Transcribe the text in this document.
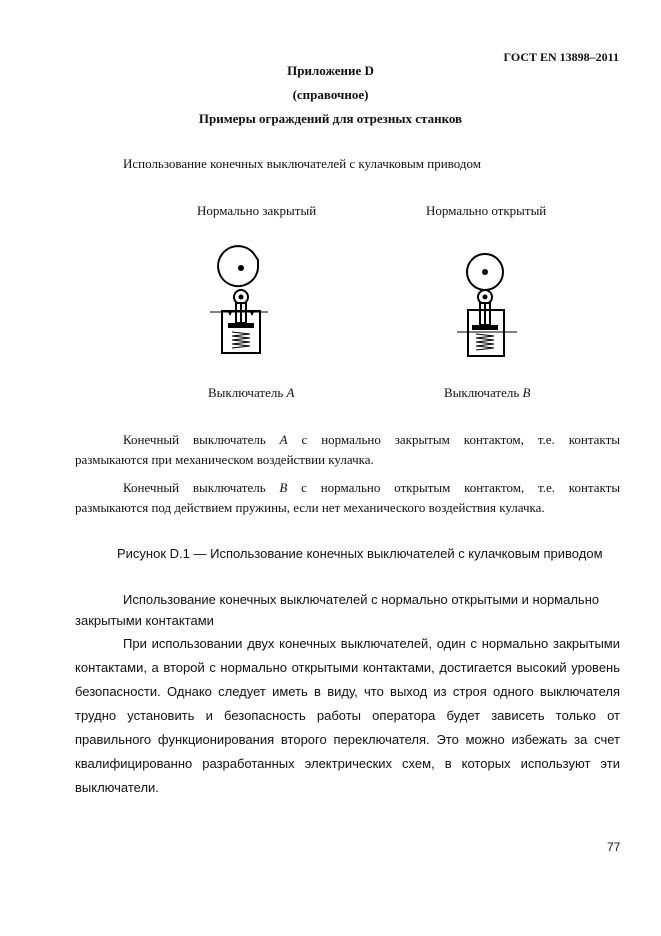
ГОСТ EN 13898–2011
Приложение D
(справочное)
Примеры ограждений для отрезных станков
Использование конечных выключателей с кулачковым приводом
Нормально закрытый	Нормально открытый
Выключатель A	Выключатель B
Конечный выключатель A с нормально закрытым контактом, т.е. контакты
размыкаются при механическом воздействии кулачка.
Конечный выключатель B с нормально открытым контактом, т.е. контакты
размыкаются под действием пружины, если нет механического воздействия кулачка.
Рисунок D.1 — Использование конечных выключателей с кулачковым приводом
Использование конечных выключателей с нормально открытыми и нормально
закрытыми контактами
При использовании двух конечных выключателей, один с нормально закрытыми контактами, а второй с нормально открытыми контактами, достигается высокий уровень безопасности. Однако следует иметь в виду, что выход из строя одного выключателя трудно установить и безопасность работы оператора будет зависеть только от правильного функционирования второго переключателя. Это можно избежать за счет квалифицированно разработанных электрических схем, в которых используют эти выключатели.
77
